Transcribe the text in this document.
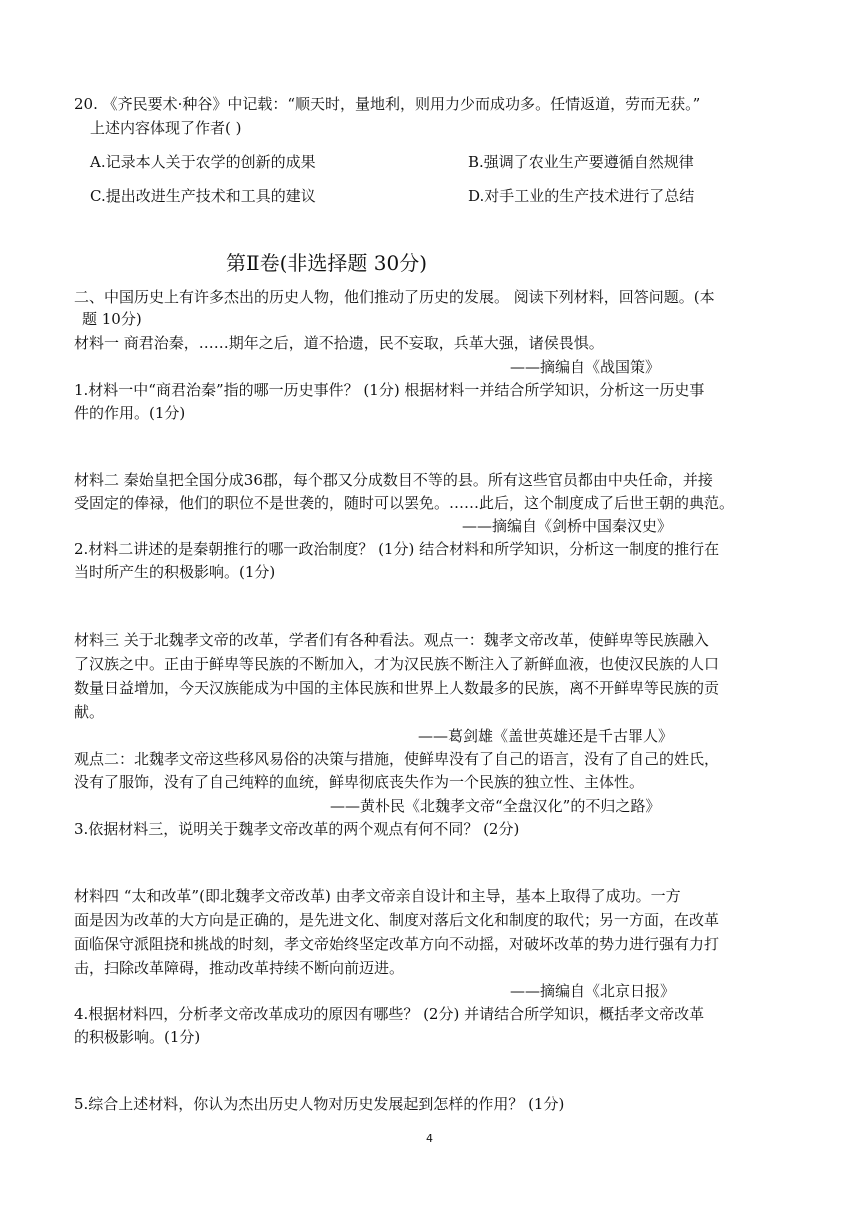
20. 《齐民要术·种谷》中记载：“顺天时，量地利，则用力少而成功多。任情返道，劳而无获。”
上述内容体现了作者( )
A.记录本人关于农学的创新的成果	B.强调了农业生产要遵循自然规律
C.提出改进生产技术和工具的建议	D.对手工业的生产技术进行了总结
第Ⅱ卷(非选择题 30分)
二、中国历史上有许多杰出的历史人物，他们推动了历史的发展。 阅读下列材料，回答问题。(本
题 10分)
材料一 商君治秦，……期年之后，道不拾遗，民不妄取，兵革大强，诸侯畏惧。
——摘编自《战国策》
1.材料一中“商君治秦”指的哪一历史事件？ (1分) 根据材料一并结合所学知识，分析这一历史事
件的作用。(1分)
材料二 秦始皇把全国分成36郡，每个郡又分成数目不等的县。所有这些官员都由中央任命，并接
受固定的俸禄，他们的职位不是世袭的，随时可以罢免。……此后，这个制度成了后世王朝的典范。
——摘编自《剑桥中国秦汉史》
2.材料二讲述的是秦朝推行的哪一政治制度？ (1分) 结合材料和所学知识，分析这一制度的推行在
当时所产生的积极影响。(1分)
材料三 关于北魏孝文帝的改革，学者们有各种看法。观点一：魏孝文帝改革，使鲜卑等民族融入
了汉族之中。正由于鲜卑等民族的不断加入，才为汉民族不断注入了新鲜血液，也使汉民族的人口
数量日益增加，今天汉族能成为中国的主体民族和世界上人数最多的民族，离不开鲜卑等民族的贡
献。
——葛剑雄《盖世英雄还是千古罪人》
观点二：北魏孝文帝这些移风易俗的决策与措施，使鲜卑没有了自己的语言，没有了自己的姓氏，
没有了服饰，没有了自己纯粹的血统，鲜卑彻底丧失作为一个民族的独立性、主体性。
——黄朴民《北魏孝文帝“全盘汉化”的不归之路》
3.依据材料三，说明关于魏孝文帝改革的两个观点有何不同？ (2分)
材料四 “太和改革”(即北魏孝文帝改革) 由孝文帝亲自设计和主导，基本上取得了成功。一方
面是因为改革的大方向是正确的，是先进文化、制度对落后文化和制度的取代；另一方面，在改革
面临保守派阻挠和挑战的时刻，孝文帝始终坚定改革方向不动摇，对破坏改革的势力进行强有力打
击，扫除改革障碍，推动改革持续不断向前迈进。
——摘编自《北京日报》
4.根据材料四，分析孝文帝改革成功的原因有哪些？ (2分) 并请结合所学知识，概括孝文帝改革
的积极影响。(1分)
5.综合上述材料，你认为杰出历史人物对历史发展起到怎样的作用？ (1分)
4
